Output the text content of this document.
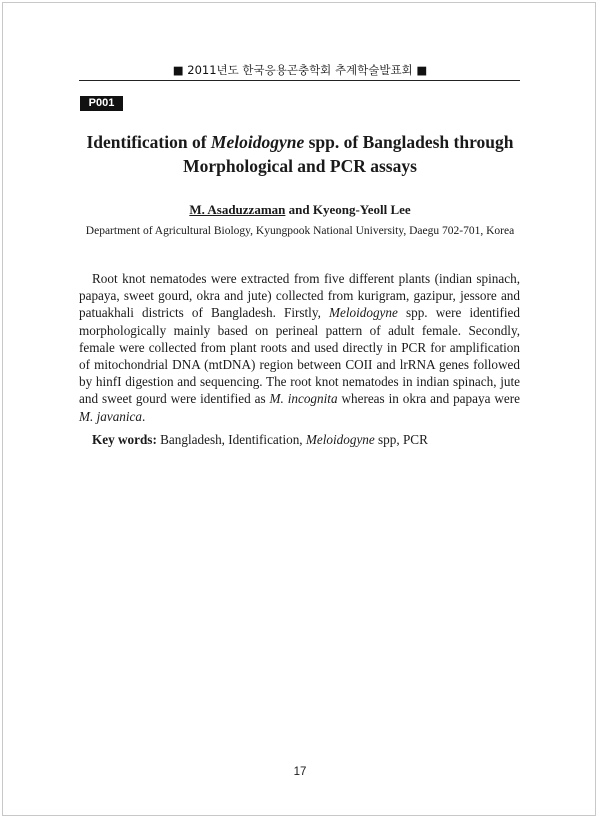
■ 2011년도 한국응용곤충학회 추계학술발표회 ■
P001
Identification of Meloidogyne spp. of Bangladesh through
Morphological and PCR assays
M. Asaduzzaman and Kyeong-Yeoll Lee
Department of Agricultural Biology, Kyungpook National University, Daegu 702-701, Korea

Root knot nematodes were extracted from five different plants (indian spinach, papaya, sweet gourd, okra and jute) collected from kurigram, gazipur, jessore and patuakhali districts of Bangladesh. Firstly, Meloidogyne spp. were identified morphologically mainly based on perineal pattern of adult female. Secondly, female were collected from plant roots and used directly in PCR for amplification of mitochondrial DNA (mtDNA) region between COII and lrRNA genes followed by hinfI digestion and sequencing. The root knot nematodes in indian spinach, jute and sweet gourd were identified as M. incognita whereas in okra and papaya were M. javanica.

Key words: Bangladesh, Identification, Meloidogyne spp, PCR

17
